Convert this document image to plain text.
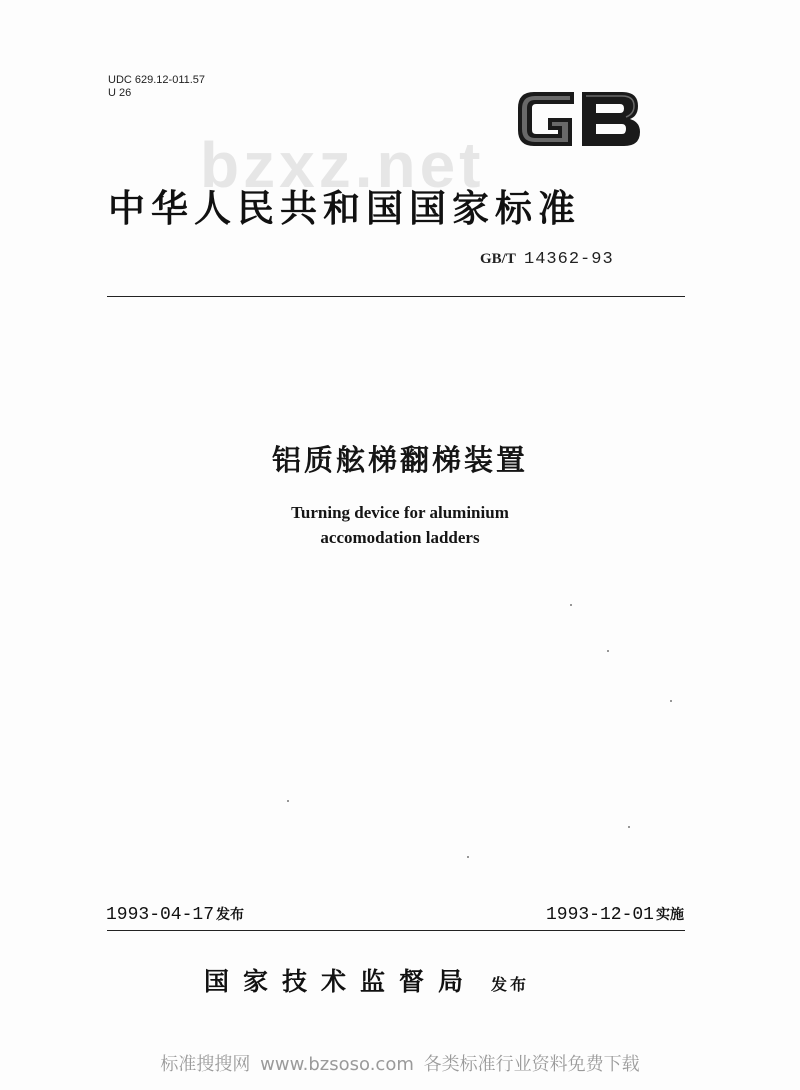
UDC 629.12-011.57
U 26
bzxz.net
中华人民共和国国家标准
GB/T 14362-93
铝质舷梯翻梯装置
Turning device for aluminium
accomodation ladders
1993-04-17 发布	1993-12-01 实施
国家技术监督局 发布
标准搜搜网 www.bzsoso.com 各类标准行业资料免费下载
